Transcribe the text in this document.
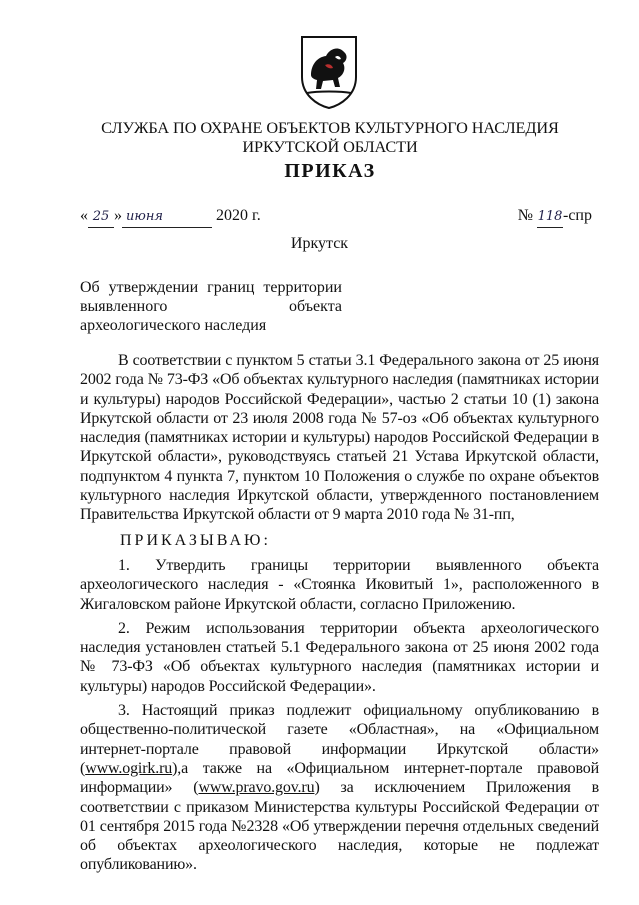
СЛУЖБА ПО ОХРАНЕ ОБЪЕКТОВ КУЛЬТУРНОГО НАСЛЕДИЯ
ИРКУТСКОЙ ОБЛАСТИ
ПРИКАЗ
« 25 » июня	2020 г.	№ 118-спр
Иркутск
Об утверждении границ территории выявленного объекта археологического наследия

В соответствии с пунктом 5 статьи 3.1 Федерального закона от 25 июня 2002 года № 73-ФЗ «Об объектах культурного наследия (памятниках истории и культуры) народов Российской Федерации», частью 2 статьи 10 (1) закона Иркутской области от 23 июля 2008 года № 57-оз «Об объектах культурного наследия (памятниках истории и культуры) народов Российской Федерации в Иркутской области», руководствуясь статьей 21 Устава Иркутской области, подпунктом 4 пункта 7, пунктом 10 Положения о службе по охране объектов культурного наследия Иркутской области, утвержденного постановлением Правительства Иркутской области от 9 марта 2010 года № 31-пп,

ПРИКАЗЫВАЮ:

1. Утвердить границы территории выявленного объекта археологического наследия - «Стоянка Иковитый 1», расположенного в Жигаловском районе Иркутской области, согласно Приложению.

2. Режим использования территории объекта археологического наследия установлен статьей 5.1 Федерального закона от 25 июня 2002 года № 73-ФЗ «Об объектах культурного наследия (памятниках истории и культуры) народов Российской Федерации».

3. Настоящий приказ подлежит официальному опубликованию в общественно-политической газете «Областная», на «Официальном интернет-портале правовой информации Иркутской области» (www.ogirk.ru),а также на «Официальном интернет-портале правовой информации» (www.pravo.gov.ru) за исключением Приложения в соответствии с приказом Министерства культуры Российской Федерации от 01 сентября 2015 года №2328 «Об утверждении перечня отдельных сведений об объектах археологического наследия, которые не подлежат опубликованию».
